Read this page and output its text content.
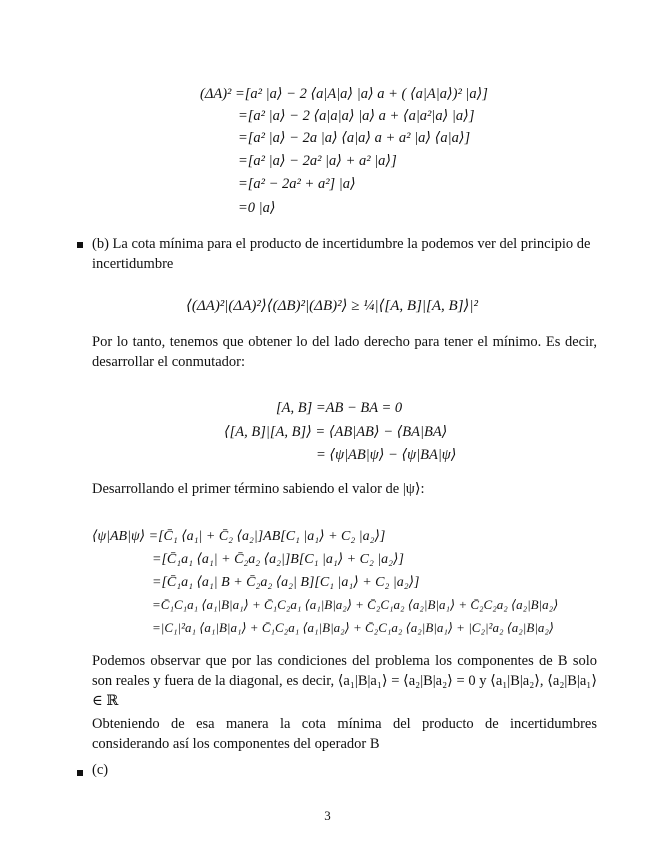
(ΔA)² =[a² |a⟩ − 2 ⟨a|A|a⟩ |a⟩ a + ( ⟨a|A|a⟩)² |a⟩]
=[a² |a⟩ − 2 ⟨a|a|a⟩ |a⟩ a + ⟨a|a²|a⟩ |a⟩]
=[a² |a⟩ − 2a |a⟩ ⟨a|a⟩ a + a² |a⟩ ⟨a|a⟩]
=[a² |a⟩ − 2a² |a⟩ + a² |a⟩]
=[a² − 2a² + a²] |a⟩
=0 |a⟩
(b) La cota mínima para el producto de incertidumbre la podemos ver del principio de incertidumbre
⟨(ΔA)²|(ΔA)²⟩⟨(ΔB)²|(ΔB)²⟩ ≥ ¼|⟨[A, B]|[A, B]⟩|²
Por lo tanto, tenemos que obtener lo del lado derecho para tener el mínimo. Es decir, desarrollar el conmutador:
[A, B] =AB − BA = 0
⟨[A, B]|[A, B]⟩ = ⟨AB|AB⟩ − ⟨BA|BA⟩
= ⟨ψ|AB|ψ⟩ − ⟨ψ|BA|ψ⟩
Desarrollando el primer término sabiendo el valor de |ψ⟩:
⟨ψ|AB|ψ⟩ =[C̄₁ ⟨a₁| + C̄₂ ⟨a₂|]AB[C₁ |a₁⟩ + C₂ |a₂⟩]
=[C̄₁a₁ ⟨a₁| + C̄₂a₂ ⟨a₂|]B[C₁ |a₁⟩ + C₂ |a₂⟩]
=[C̄₁a₁ ⟨a₁| B + C̄₂a₂ ⟨a₂| B][C₁ |a₁⟩ + C₂ |a₂⟩]
=C̄₁C₁a₁ ⟨a₁|B|a₁⟩ + C̄₁C₂a₁ ⟨a₁|B|a₂⟩ + C̄₂C₁a₂ ⟨a₂|B|a₁⟩ + C̄₂C₂a₂ ⟨a₂|B|a₂⟩
=|C₁|²a₁ ⟨a₁|B|a₁⟩ + C̄₁C₂a₁ ⟨a₁|B|a₂⟩ + C̄₂C₁a₂ ⟨a₂|B|a₁⟩ + |C₂|²a₂ ⟨a₂|B|a₂⟩
Podemos observar que por las condiciones del problema los componentes de B solo son reales y fuera de la diagonal, es decir, ⟨a₁|B|a₁⟩ = ⟨a₂|B|a₂⟩ = 0 y ⟨a₁|B|a₂⟩, ⟨a₂|B|a₁⟩ ∈ ℝ
Obteniendo de esa manera la cota mínima del producto de incertidumbres considerando así los componentes del operador B
(c)
3
